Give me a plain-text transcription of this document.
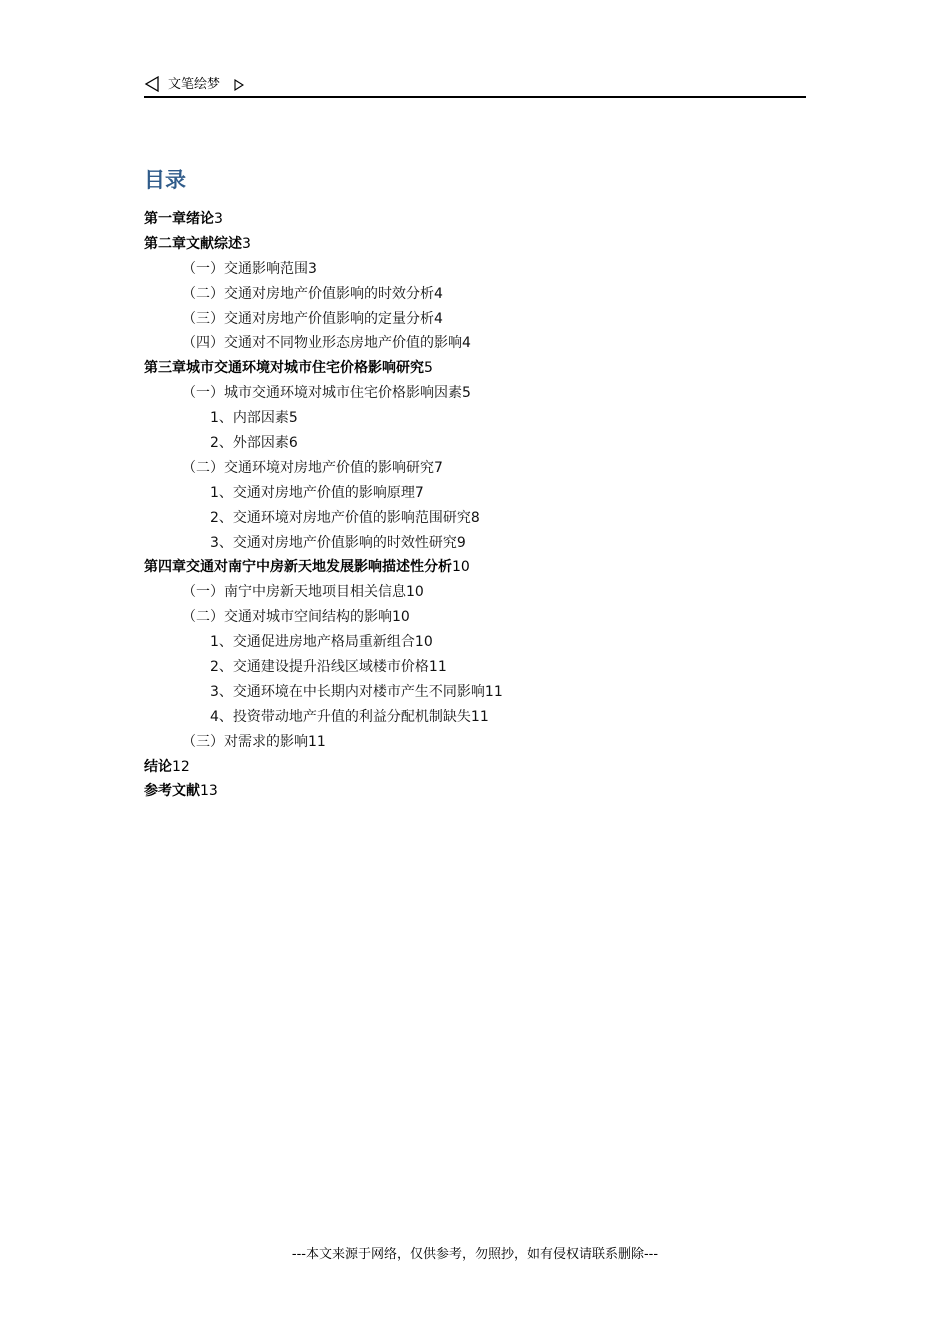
文笔绘梦
目录
第一章绪论3
第二章文献综述3
（一）交通影响范围3
（二）交通对房地产价值影响的时效分析4
（三）交通对房地产价值影响的定量分析4
（四）交通对不同物业形态房地产价值的影响4
第三章城市交通环境对城市住宅价格影响研究5
（一）城市交通环境对城市住宅价格影响因素5
1、内部因素5
2、外部因素6
（二）交通环境对房地产价值的影响研究7
1、交通对房地产价值的影响原理7
2、交通环境对房地产价值的影响范围研究8
3、交通对房地产价值影响的时效性研究9
第四章交通对南宁中房新天地发展影响描述性分析10
（一）南宁中房新天地项目相关信息10
（二）交通对城市空间结构的影响10
1、交通促进房地产格局重新组合10
2、交通建设提升沿线区域楼市价格11
3、交通环境在中长期内对楼市产生不同影响11
4、投资带动地产升值的利益分配机制缺失11
（三）对需求的影响11
结论12
参考文献13
---本文来源于网络，仅供参考，勿照抄，如有侵权请联系删除---
